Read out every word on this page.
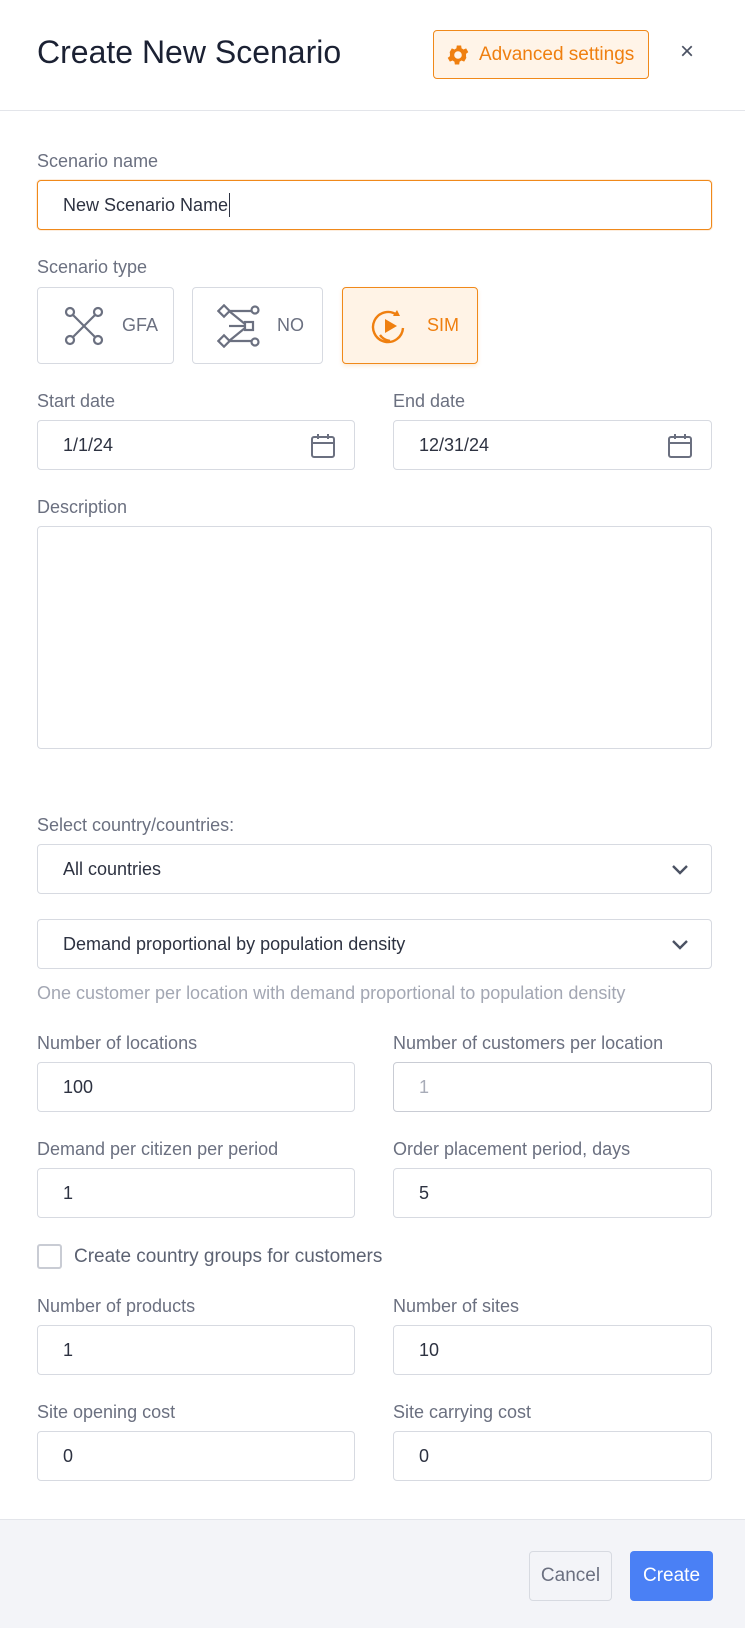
Create New Scenario	Advanced settings ×
Scenario name
New Scenario Name
Scenario type
GFA	NO	SIM
Start date
1/1/24
End date
12/31/24
Description
Select country/countries:
All countries
Demand proportional by population density
One customer per location with demand proportional to population density
Number of locations
100
Number of customers per location
1
Demand per citizen per period
1
Order placement period, days
5
Create country groups for customers
Number of products
1
Number of sites
10
Site opening cost
0
Site carrying cost
0
Cancel	Create
